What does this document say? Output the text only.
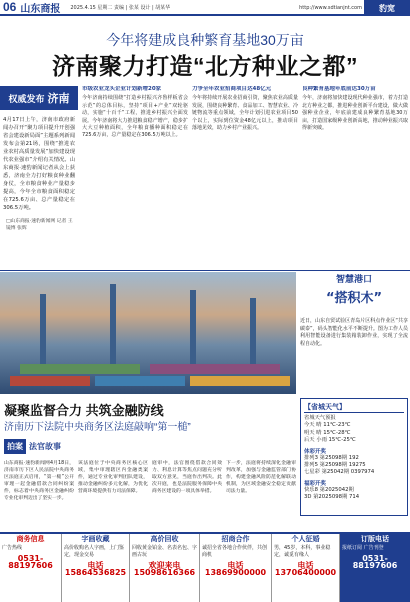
06 山东商报 2025.4.15 星期二 责编 | 张某 设计 | 胡某华	http://www.sdtianjnt.com	豹宽
今年将建成良种繁育基地30万亩
济南聚力打造“北方种业之都”
权威发布 济南
4月17日上午，济南市政府新闻办召开“聚力项目提升开创强省会建设新局面”主题系列新闻发布会第21场，围绕“推进农业农村高质量发展”加快建设现代农业强市”介绍有关情况。山东商报·速豹新闻记者从会上获悉，济南全力打好粮食种业翻身仗，全市粮食种业产量稳步提高，今年全市粮食面积稳定在725.6万亩、总产量稳定在306.5万吨。
□山东商报·速豹新闻网 记者 王镜博 张辉
市级农业龙头企业计划新增20家
今年济南持续围绕“打造乡村振兴齐鲁样板省会示范”的总体目标，坚持“项目+产业”双轮驱动，实施“十百千”工程，推进乡村振兴全面发展。今年济南将大力推进粮食稳产增产，稳步扩大大豆种植面积，全年粮食播种面积稳定在725.6万亩，总产量稳定在306.5万吨以上。
力争全年农业招商项目达48亿元
今年将持续开展农业招商引资，聚焦农业高质量发展，围绕良种繁育、食品加工、智慧农业、冷链物流等重点领域，全年计划引进农业项目50个以上，实际到位资金48亿元以上，推动项目落地见效，助力乡村产业振兴。
良种繁育基地年底前达30万亩
今年，济南将加快建设现代种业强市，着力打造北方种业之都，推进种业创新平台建设，做大做强种业企业，年底前建成良种繁育基地30万亩，打造国家级种业创新高地，推动种业振兴取得新突破。
智慧港口
“搭积木”
近日，山东自贸试验区青岛片区科点作业区“共享碳泰”，码头智能化水平不断提升。图为工作人员利用智能设备进行集装箱装卸作业，实现了全流程自动化。
【省城天气】
省城天气预报
今天 晴 11℃-23℃
明天 晴 15℃-28℃
后天 小雨 15℃-25℃
体彩开奖
排列3 第25098期 192
排列5 第25098期 19275
七星彩 第25042期 0397974
福彩开奖
快乐8 第2025042期
3D 第2025098期 714
凝聚监督合力 共筑金融防线
济南历下法院中央商务区法庭敲响“第一槌”
拍案 法官故事
山东商报·速豹新闻网4月18日，济南市历下区人民法院中央商务区法庭正式启用，“第一槌”公开审理一起金融借款合同纠纷案件，标志着中央商务区金融纠纷专业化审判迈出了坚实一步。
该法庭位于中央商务区核心区域，集中审理辖区内金融类案件，通过专业化审判团队建设，推动金融纠纷多元化解，为优化营商环境提供有力司法保障。
庭审中，法官围绕借款合同效力、利息计算等焦点问题充分听取双方意见，当庭作出判决。此次开庭，也是法院服务保障中央商务区建设的一项具体举措。
下一步，法庭将持续深化金融审判改革，加强与金融监管部门协作，构建金融风险防范化解联动机制，为区域金融安全稳定贡献司法力量。
商务信息
广告热线
0531-88197606
字画收藏
高价收购名人字画，上门鉴定，现金交易
电话 15864536825
高价回收
回收黄金铂金、名表名包、字画古玩
欢迎来电 15098616366
招商合作
诚招全省各地合作伙伴，共创商机
电话 13869900000
个人征婚
男，45岁，本科，事业稳定，诚觅有缘人
电话 13706400000
订版电话
报纸订阅 广告刊登
0531-88197606
